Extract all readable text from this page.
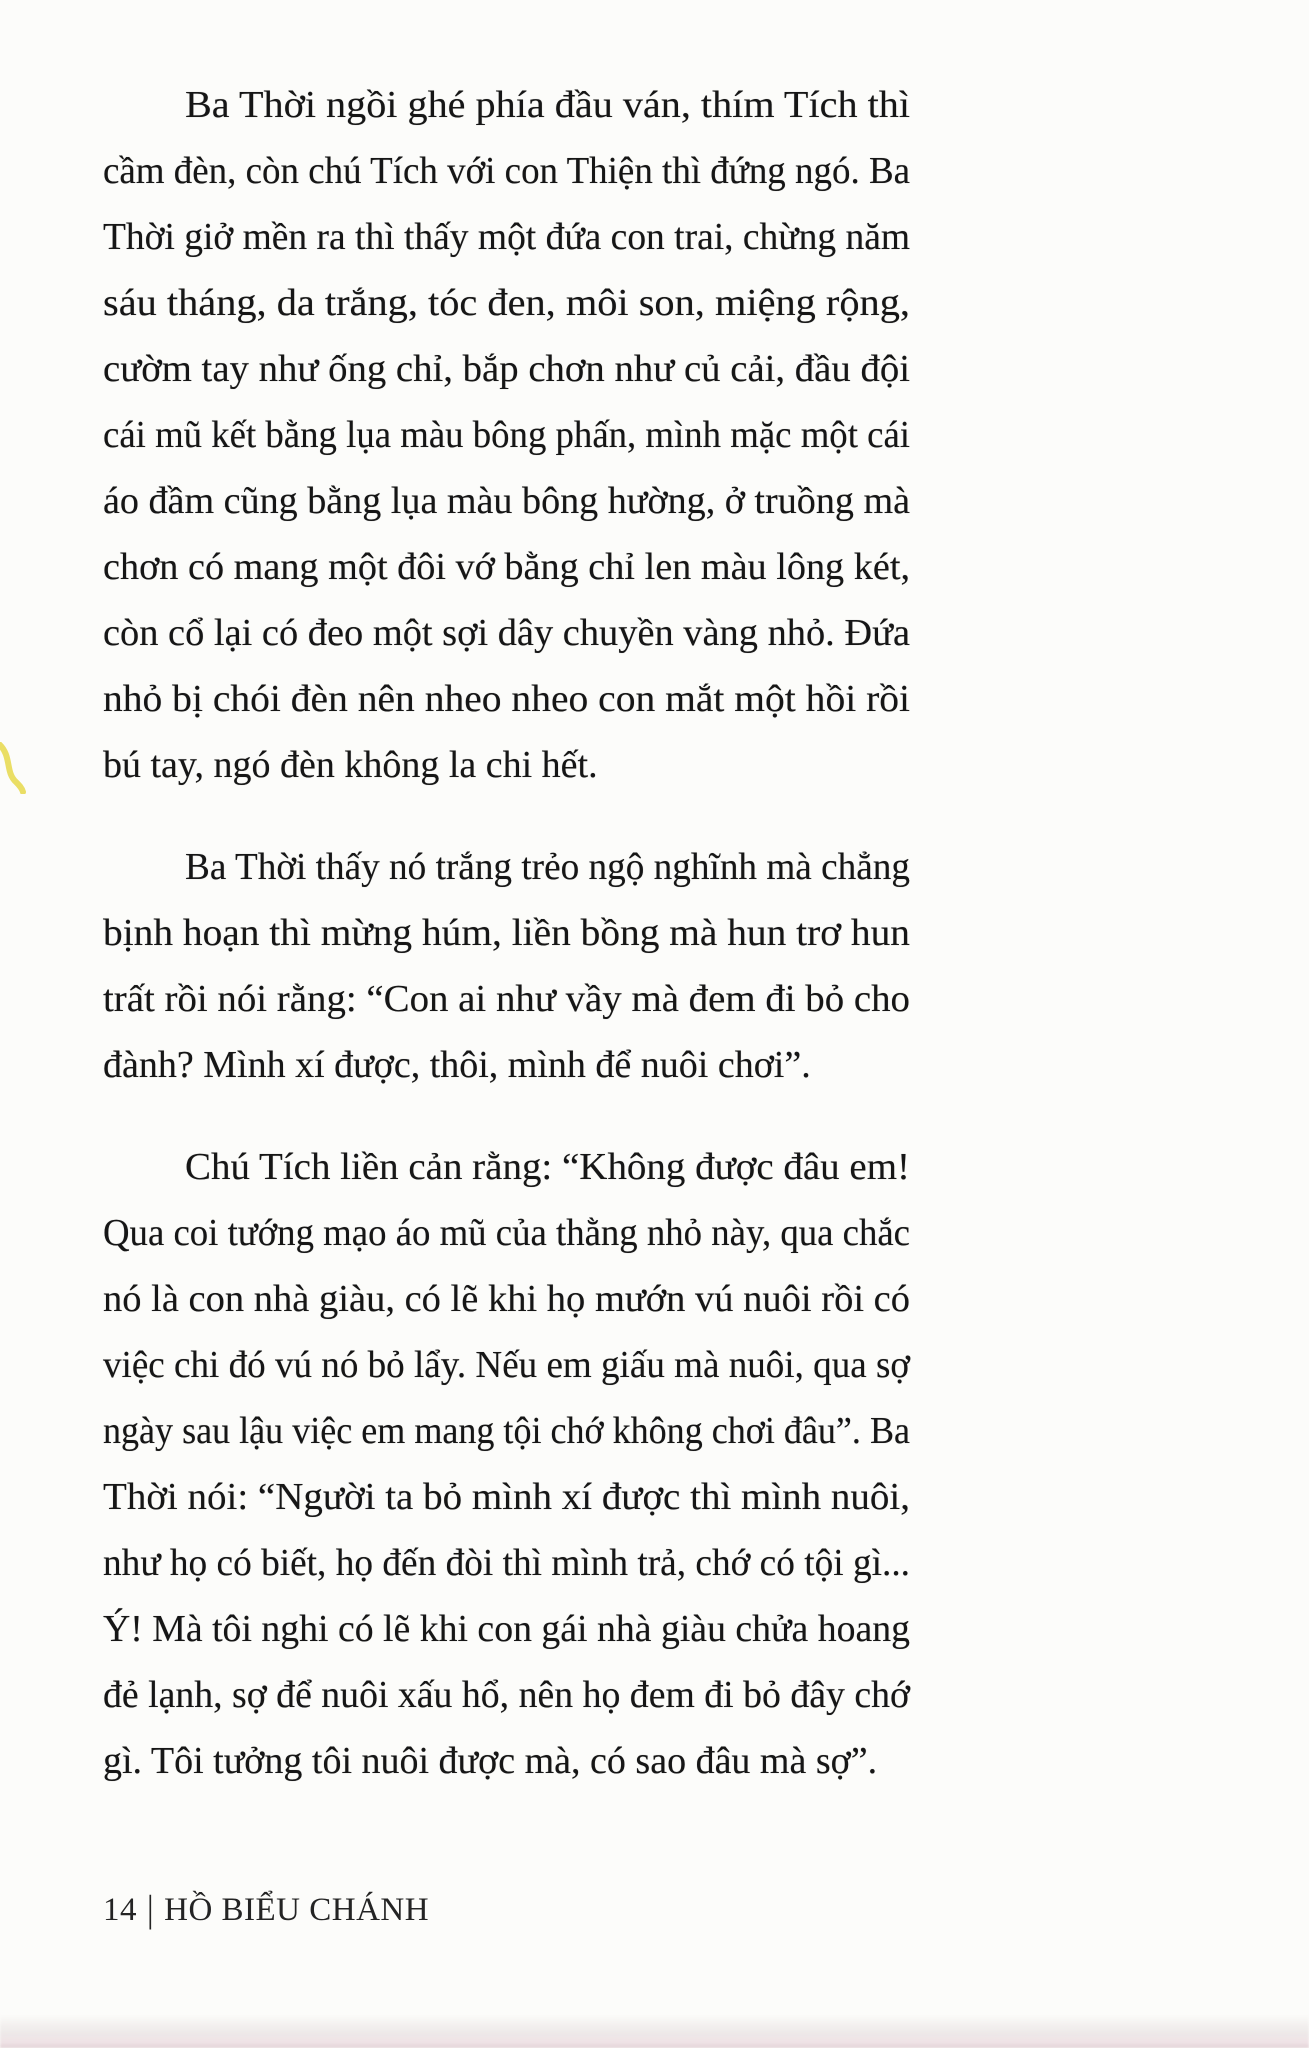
Ba Thời ngồi ghé phía đầu ván, thím Tích thì
cầm đèn, còn chú Tích với con Thiện thì đứng ngó. Ba
Thời giở mền ra thì thấy một đứa con trai, chừng năm
sáu tháng, da trắng, tóc đen, môi son, miệng rộng,
cườm tay như ống chỉ, bắp chơn như củ cải, đầu đội
cái mũ kết bằng lụa màu bông phấn, mình mặc một cái
áo đầm cũng bằng lụa màu bông hường, ở truồng mà
chơn có mang một đôi vớ bằng chỉ len màu lông két,
còn cổ lại có đeo một sợi dây chuyền vàng nhỏ. Đứa
nhỏ bị chói đèn nên nheo nheo con mắt một hồi rồi
bú tay, ngó đèn không la chi hết.
Ba Thời thấy nó trắng trẻo ngộ nghĩnh mà chẳng
bịnh hoạn thì mừng húm, liền bồng mà hun trơ hun
trất rồi nói rằng: “Con ai như vầy mà đem đi bỏ cho
đành? Mình xí được, thôi, mình để nuôi chơi”.
Chú Tích liền cản rằng: “Không được đâu em!
Qua coi tướng mạo áo mũ của thằng nhỏ này, qua chắc
nó là con nhà giàu, có lẽ khi họ mướn vú nuôi rồi có
việc chi đó vú nó bỏ lẩy. Nếu em giấu mà nuôi, qua sợ
ngày sau lậu việc em mang tội chớ không chơi đâu”. Ba
Thời nói: “Người ta bỏ mình xí được thì mình nuôi,
như họ có biết, họ đến đòi thì mình trả, chớ có tội gì...
Ý! Mà tôi nghi có lẽ khi con gái nhà giàu chửa hoang
đẻ lạnh, sợ để nuôi xấu hổ, nên họ đem đi bỏ đây chớ
gì. Tôi tưởng tôi nuôi được mà, có sao đâu mà sợ”.
14 | HỒ BIỂU CHÁNH
